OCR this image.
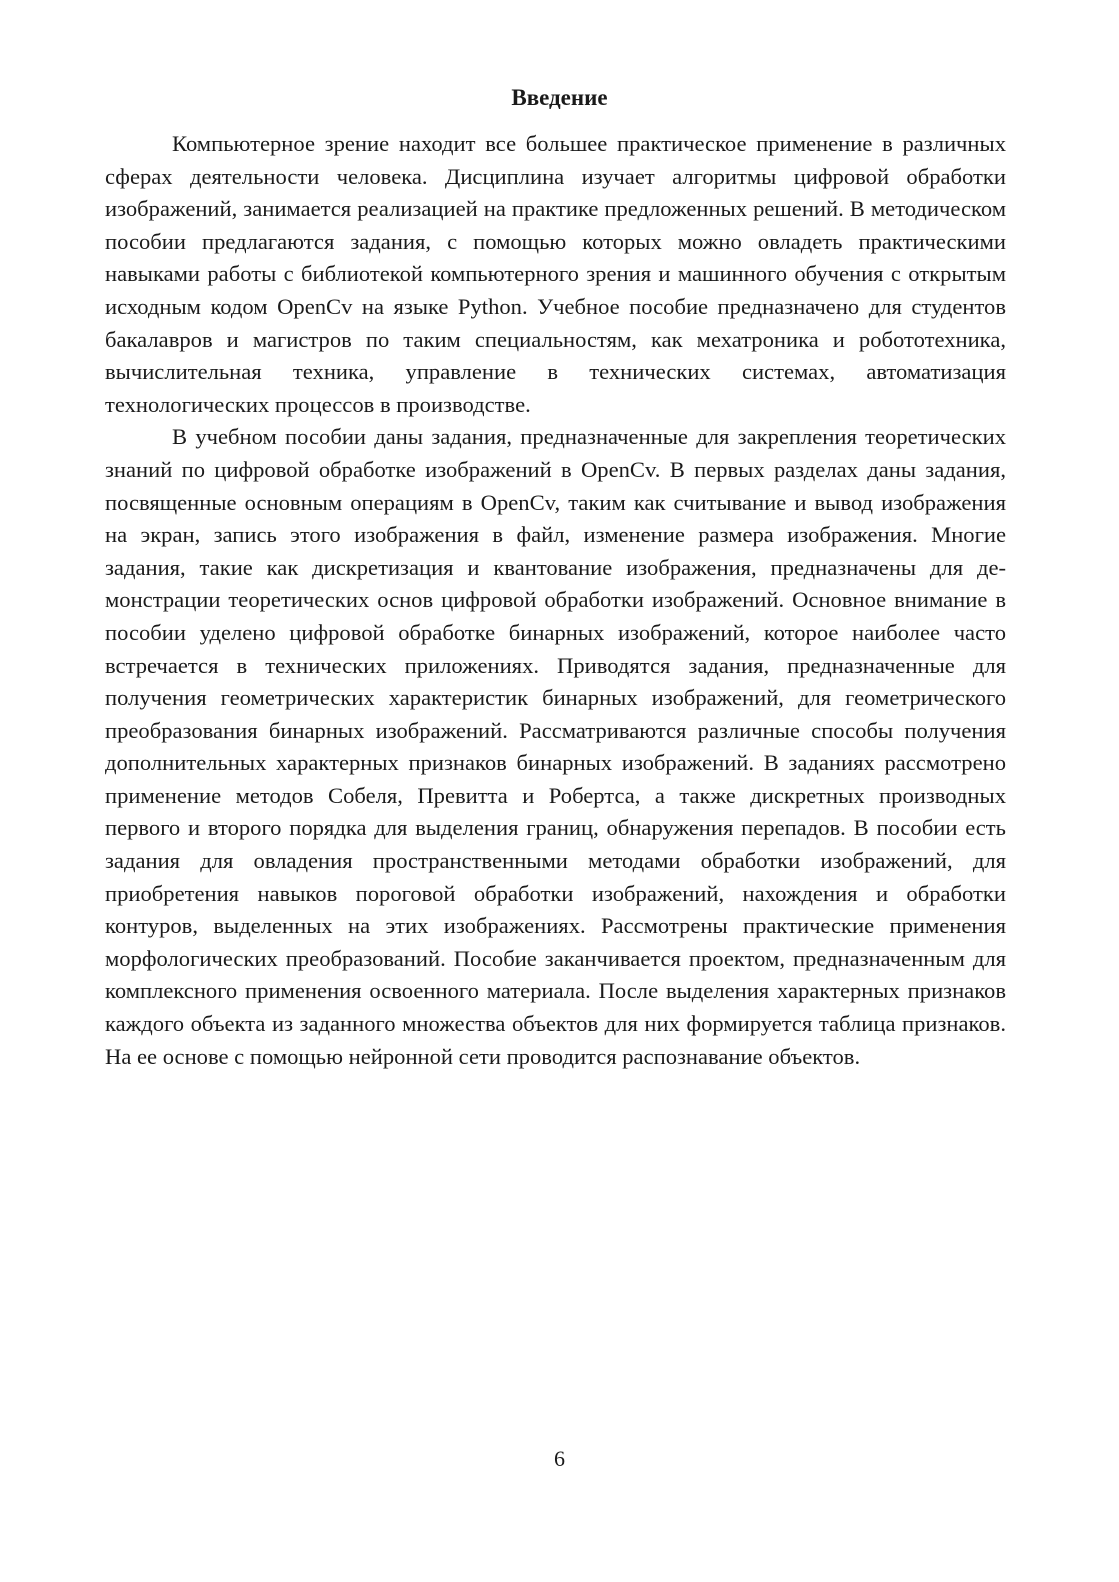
Введение

Компьютерное зрение находит все большее практическое применение в различных сферах деятельности человека. Дисциплина изучает алгоритмы цифровой обработки изображений, занимается реализацией на практике предложенных решений. В методическом пособии предлагаются задания, с помощью которых можно овладеть практическими навыками работы с библиотекой компьютерного зрения и машинного обучения с открытым исходным кодом OpenCv на языке Python. Учебное пособие предназначено для студентов бакалавров и магистров по таким специальностям, как мехатроника и робототехника, вычислительная техника, управление в технических системах, автоматизация технологических процессов в производстве.

В учебном пособии даны задания, предназначенные для закрепления теоретических знаний по цифровой обработке изображений в OpenCv. В первых разделах даны задания, посвященные основным операциям в OpenCv, таким как считывание и вывод изображения на экран, запись этого изображения в файл, изменение размера изображения. Многие задания, такие как дискретизация и квантование изображения, предназначены для демонстрации теоретических основ цифровой обработки изображений. Основное внимание в пособии уделено цифровой обработке бинарных изображений, которое наиболее часто встречается в технических приложениях. Приводятся задания, предназначенные для получения геометрических характеристик бинарных изображений, для геометрического преобразования бинарных изображений. Рассматриваются различные способы получения дополнительных характерных признаков бинарных изображений. В заданиях рассмотрено применение методов Собеля, Превитта и Робертса, а также дискретных производных первого и второго порядка для выделения границ, обнаружения перепадов. В пособии есть задания для овладения пространственными методами обработки изображений, для приобретения навыков пороговой обработки изображений, нахождения и обработки контуров, выделенных на этих изображениях. Рассмотрены практические применения морфологических преобразований. Пособие заканчивается проектом, предназначенным для комплексного применения освоенного материала. После выделения характерных признаков каждого объекта из заданного множества объектов для них формируется таблица признаков. На ее основе с помощью нейронной сети проводится распознавание объектов.

6
